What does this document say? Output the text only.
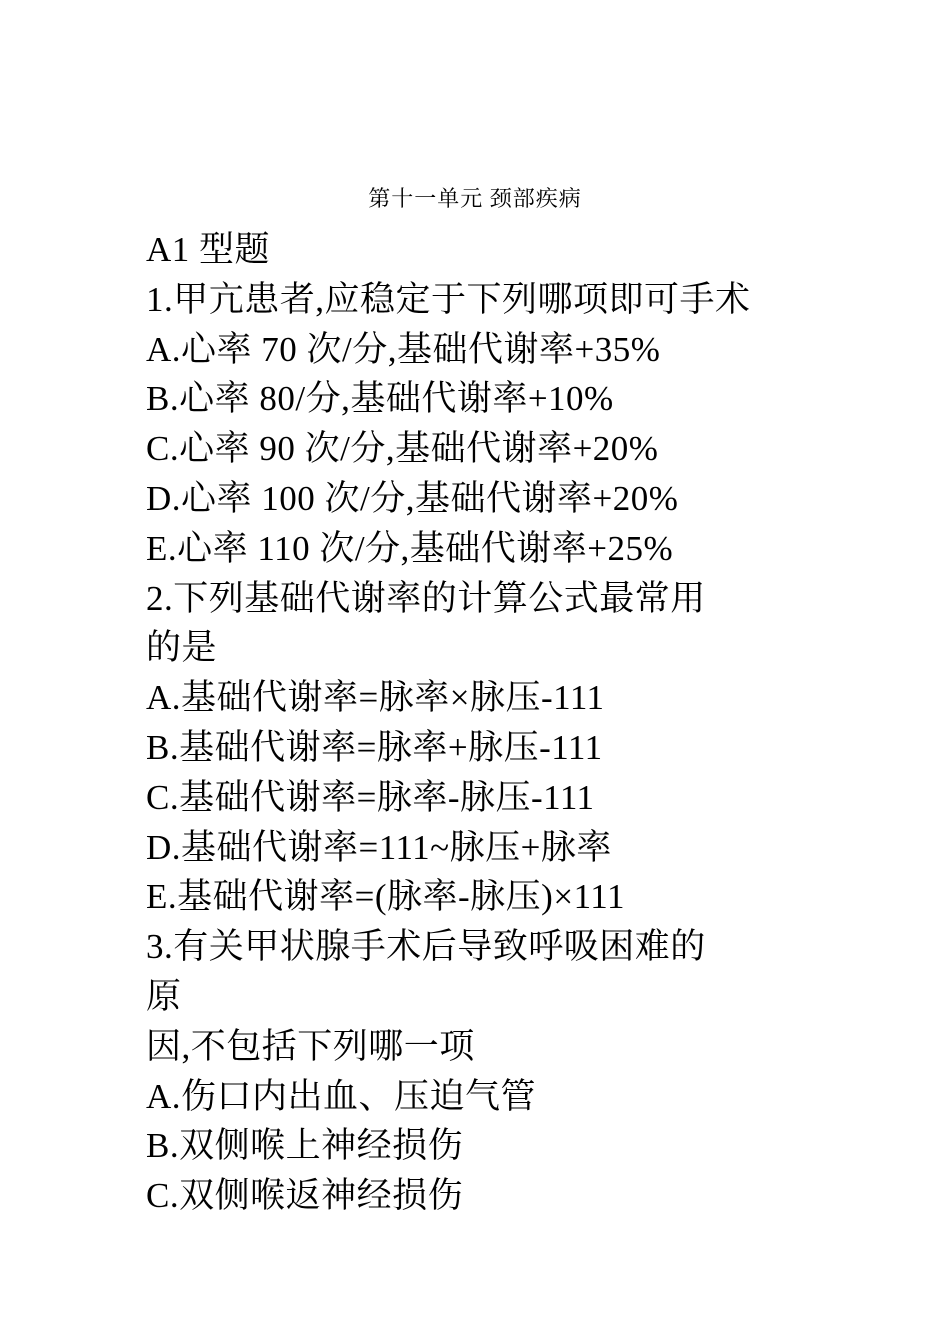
第十一单元 颈部疾病
A1 型题
1.甲亢患者,应稳定于下列哪项即可手术
A.心率 70 次/分,基础代谢率+35%
B.心率 80/分,基础代谢率+10%
C.心率 90 次/分,基础代谢率+20%
D.心率 100 次/分,基础代谢率+20%
E.心率 110 次/分,基础代谢率+25%
2.下列基础代谢率的计算公式最常用
的是
A.基础代谢率=脉率×脉压-111
B.基础代谢率=脉率+脉压-111
C.基础代谢率=脉率-脉压-111
D.基础代谢率=111~脉压+脉率
E.基础代谢率=(脉率-脉压)×111
3.有关甲状腺手术后导致呼吸困难的
原
因,不包括下列哪一项
A.伤口内出血、压迫气管
B.双侧喉上神经损伤
C.双侧喉返神经损伤
